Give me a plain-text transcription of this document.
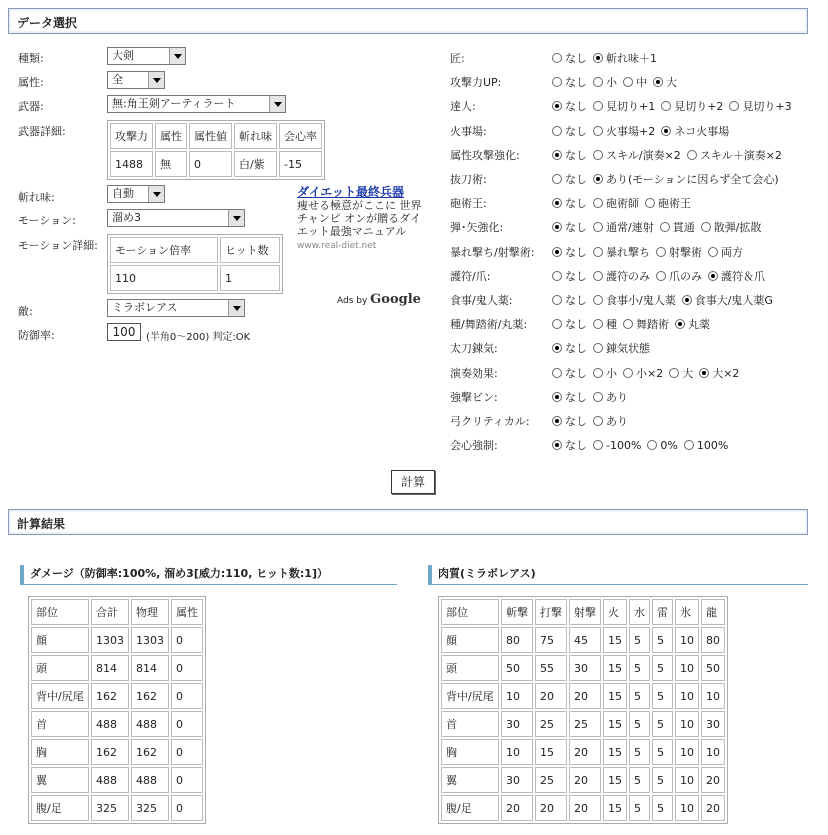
データ選択
種類:	大剣
属性:	全
武器:	無:角王剣アーティラート
武器詳細:	攻撃力	属性	属性値	斬れ味	会心率
1488	無	0	白/紫	-15
斬れ味:	自動
モーション:	溜め3
モーション詳細: モーション倍率	ヒット数
110	1
敵:	ミラボレアス
防御率:	100	(半角0〜200) 判定:OK
ダイエット最終兵器
痩せる極意がここに 世界チャンピ オンが贈るダイエット最強マニュアル
www.real-diet.net
Ads by Google
匠:	なし 斬れ味＋1
攻撃力UP:	なし 小 中 大
達人:	なし 見切り+1 見切り+2 見切り+3
火事場:	なし 火事場+2 ネコ火事場
属性攻撃強化:	なし スキル/演奏×2 スキル＋演奏×2
抜刀術:	なし あり(モーションに因らず全て会心)
砲術王:	なし 砲術師 砲術王
弾･矢強化:	なし 通常/連射 貫通 散弾/拡散
暴れ撃ち/射撃術:	なし 暴れ撃ち 射撃術 両方
護符/爪:	なし 護符のみ 爪のみ 護符＆爪
食事/鬼人薬:	なし 食事小/鬼人薬 食事大/鬼人薬G
種/舞踏術/丸薬:	なし 種 舞踏術 丸薬
太刀錬気:	なし 錬気状態
演奏効果:	なし 小 小×2 大 大×2
強撃ビン:	なし あり
弓クリティカル:	なし あり
会心強制:	なし -100% 0% 100%
計算
計算結果
ダメージ（防御率:100%, 溜め3[威力:110, ヒット数:1]）
部位	合計	物理	属性
顔	1303	1303	0
頭	814	814	0
背中/尻尾	162	162	0
首	488	488	0
胸	162	162	0
翼	488	488	0
腹/足	325	325	0
肉質(ミラボレアス)
部位	斬撃	打撃	射撃	火	水	雷	氷	龍
顔	80	75	45	15	5	5	10	80
頭	50	55	30	15	5	5	10	50
背中/尻尾	10	20	20	15	5	5	10	10
首	30	25	25	15	5	5	10	30
胸	10	15	20	15	5	5	10	10
翼	30	25	20	15	5	5	10	20
腹/足	20	20	20	15	5	5	10	20
